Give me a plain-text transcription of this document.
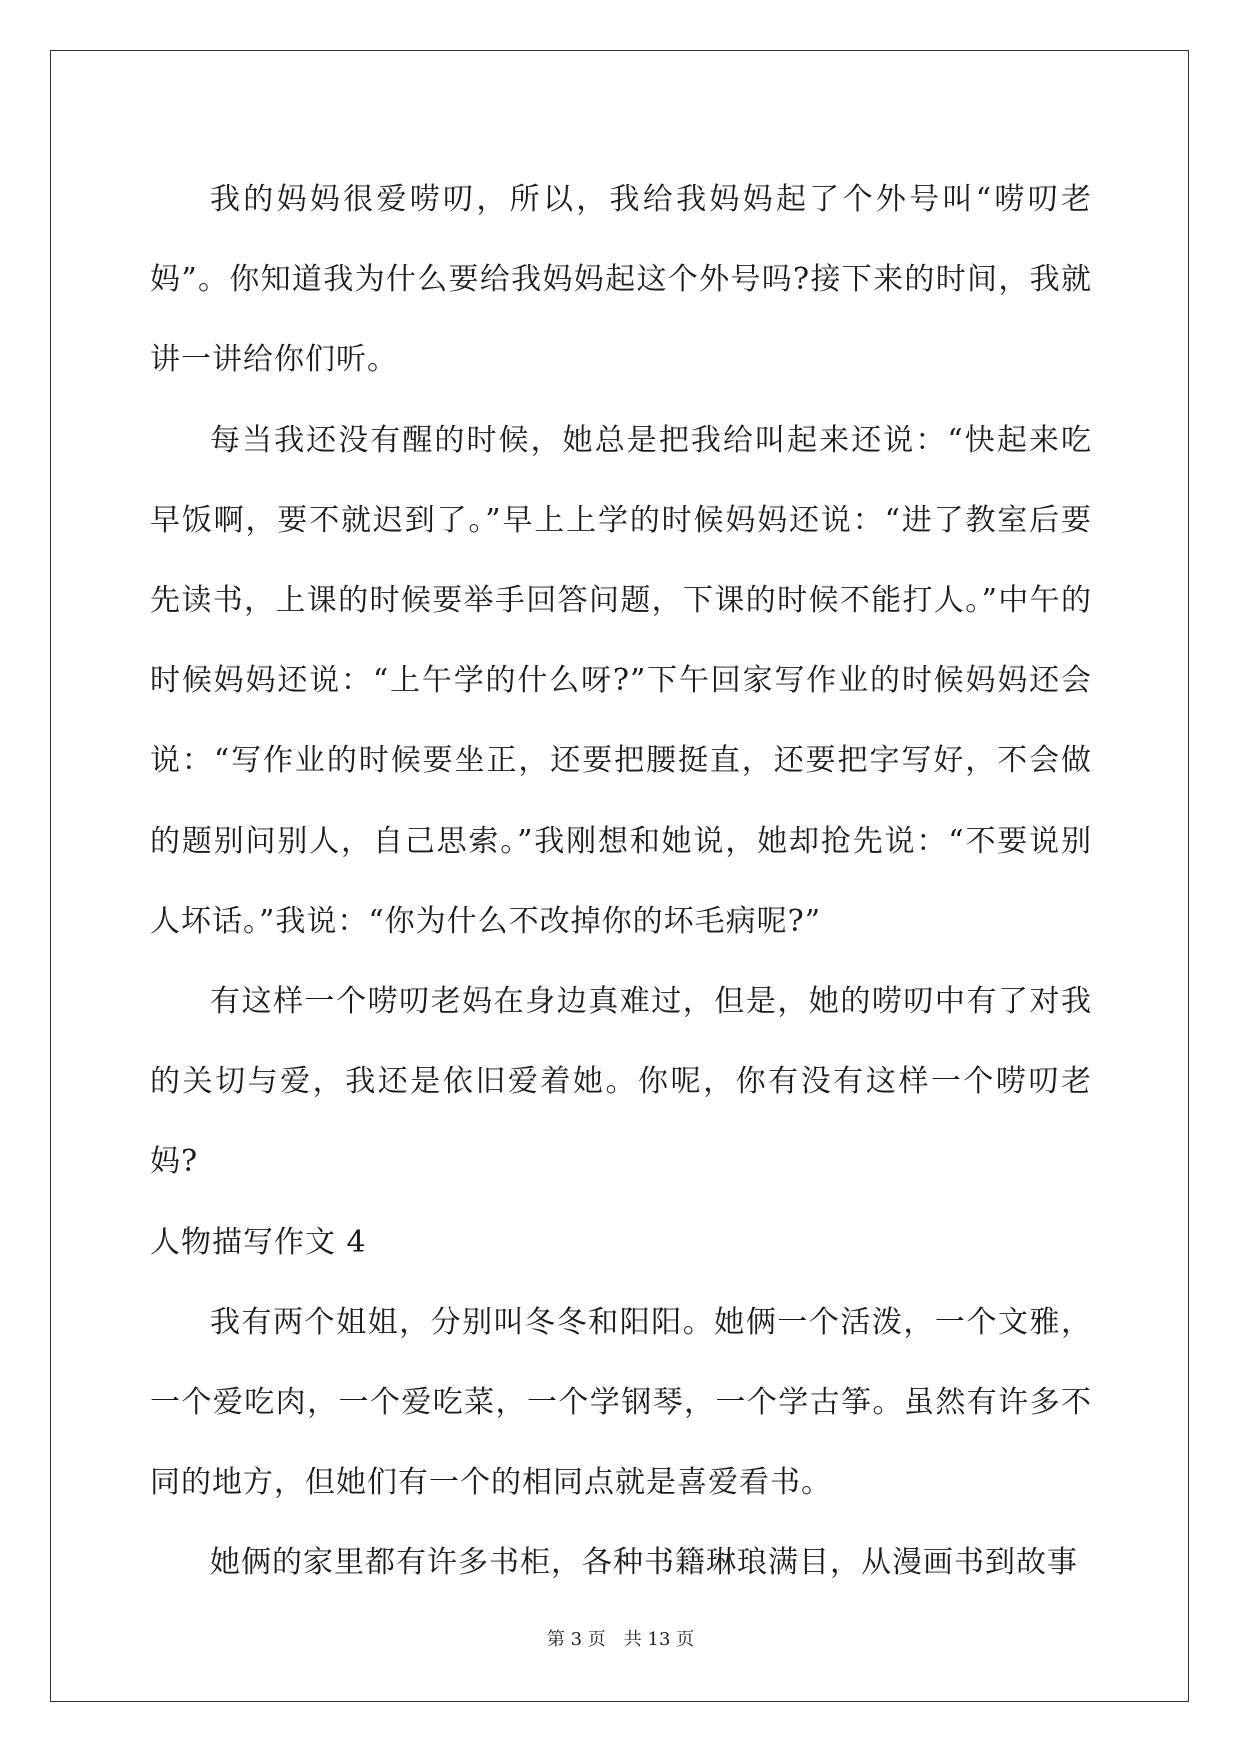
我的妈妈很爱唠叨，所以，我给我妈妈起了个外号叫“唠叨老妈”。你知道我为什么要给我妈妈起这个外号吗?接下来的时间，我就讲一讲给你们听。

每当我还没有醒的时候，她总是把我给叫起来还说：“快起来吃早饭啊，要不就迟到了。”早上上学的时候妈妈还说：“进了教室后要先读书，上课的时候要举手回答问题，下课的时候不能打人。”中午的时候妈妈还说：“上午学的什么呀?”下午回家写作业的时候妈妈还会说：“写作业的时候要坐正，还要把腰挺直，还要把字写好，不会做的题别问别人，自己思索。”我刚想和她说，她却抢先说：“不要说别人坏话。”我说：“你为什么不改掉你的坏毛病呢?”

有这样一个唠叨老妈在身边真难过，但是，她的唠叨中有了对我的关切与爱，我还是依旧爱着她。你呢，你有没有这样一个唠叨老妈?

人物描写作文 4

我有两个姐姐，分别叫冬冬和阳阳。她俩一个活泼，一个文雅，一个爱吃肉，一个爱吃菜，一个学钢琴，一个学古筝。虽然有许多不同的地方，但她们有一个的相同点就是喜爱看书。

她俩的家里都有许多书柜，各种书籍琳琅满目，从漫画书到故事

第 3 页 共 13 页
